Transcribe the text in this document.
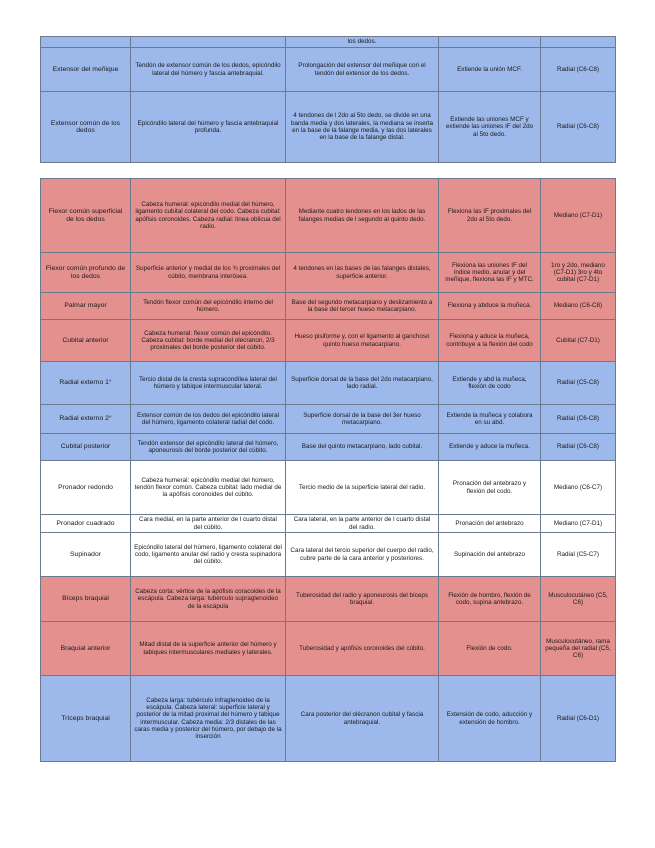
		los dedos.		
Extensor del meñique	Tendón de extensor común de los dedos, epicóndilo lateral del húmero y fascia antebraquial.	Prolongación del extensor del meñique con el tendón del extensor de los dedos.	Extiende la unión MCF.	Radial (C6-C8)
Extensor común de los dedos	Epicóndilo lateral del húmero y fascia antebraquial profunda.	4 tendones de l 2do al 5to dedo, se divide en una banda media y dos laterales, la mediana se inserta en la base de la falange media, y las dos laterales en la base de la falange distal.	Extiende las uniones MCF y extiende las uniones IF del 2do al 5to dedo.	Radial (C6-C8)
Flexor común superficial de los dedos	Cabeza humeral: epicóndilo medial del húmero, ligamento cubital colateral del codo. Cabeza cubital: apófisis coronoides. Cabeza radial: línea oblicua del radio.	Mediante cuatro tendones en los lados de las falanges medias de l segundo al quinto dedo.	Flexiona las IF proximales del 2do al 5to dedo.	Mediano (C7-D1)
Flexor común profundo de los dedos	Superficie anterior y medial de los ¾ proximales del cúbito, membrana interósea.	4 tendones en las bases de las falanges distales, superficie anterior.	Flexiona las uniones IF del índice medio, anular y del meñique, flexiona las IF y MTC.	1ro y 2do, mediano (C7-D1) 3ro y 4to cubital (C7-D1)
Palmar mayor	Tendón flexor común del epicóndilo interno del húmero.	Base del segundo metacarpiano y deslizamiento a la base del tercer hueso metacarpiano.	Flexiona y abduce la muñeca.	Mediano (C6-C8)
Cubital anterior	Cabeza humeral: flexor común del epicóndilo. Cabeza cubital: borde medial del olécranon, 2/3 proximales del borde posterior del cúbito.	Hueso pisiforme y, con el ligamento al ganchoso quinto hueso metacarpiano.	Flexiona y aduce la muñeca, contribuye a la flexión del codo	Cubital (C7-D1)
Radial externo 1°	Tercio distal de la cresta supracondílea lateral del húmero y tabique intermuscular lateral.	Superficie dorsal de la base del 2do metacarpiano, lado radial.	Extiende y abd la muñeca, flexión de codo	Radial (C5-C8)
Radial externo 2°	Extensor común de los dedos del epicóndilo lateral del húmero, ligamento colateral radial del codo.	Superficie dorsal de la base del 3er hueso metacarpiano.	Extiende la muñeca y colabora en su abd.	Radial (C6-C8)
Cubital posterior	Tendón extensor del epicóndilo lateral del húmero, aponeurosis del borde posterior del cúbito.	Base del quinto metacarpiano, lado cubital.	Extiende y aduce la muñeca.	Radial (C6-C8)
Pronador redondo	Cabeza humeral: epicóndilo medial del húmero, tendón flexor común. Cabeza cubital: lado medial de la apófisis coronoides del cúbito.	Tercio medio de la superficie lateral del radio.	Pronación del antebrazo y flexión del codo.	Mediano (C6-C7)
Pronador cuadrado	Cara medial, en la parte anterior de l cuarto distal del cúbito.	Cara lateral, en la parte anterior de l cuarto distal del radio.	Pronación del antebrazo	Mediano (C7-D1)
Supinador	Epicóndilo lateral del húmero, ligamento colateral del codo, ligamento anular del radio y cresta supinadora del cúbito.	Cara lateral del tercio superior del cuerpo del radio, cubre parte de la cara anterior y posteriores.	Supinación del antebrazo	Radial (C5-C7)
Bíceps braquial	Cabeza corta: vértice de la apófisis coracoides de la escápula. Cabeza larga: tubérculo supraglenoideo de la escápula	Tuberosidad del radio y aponeurosis del bíceps braquial.	Flexión de hombro, flexión de codo, supina antebrazo.	Musculocutáneo (C5, C6)
Braquial anterior	Mitad distal de la superficie anterior del húmero y tabiques intermusculares mediales y laterales.	Tuberosidad y apófisis coronoides del cúbito.	Flexión de codo.	Musculocutáneo, rama pequeña del radial (C5, C6)
Tríceps braquial	Cabeza larga: tubérculo infraglenoideo de la escápula. Cabeza lateral: superficie lateral y posterior de la mitad proximal del húmero y tabique intermuscular. Cabeza media: 2/3 distales de las caras media y posterior del húmero, por debajo de la inserción	Cara posterior del olécranon cubital y fascia antebraquial.	Extensión de codo, aducción y extensión de hombro.	Radial (C6-D1)
